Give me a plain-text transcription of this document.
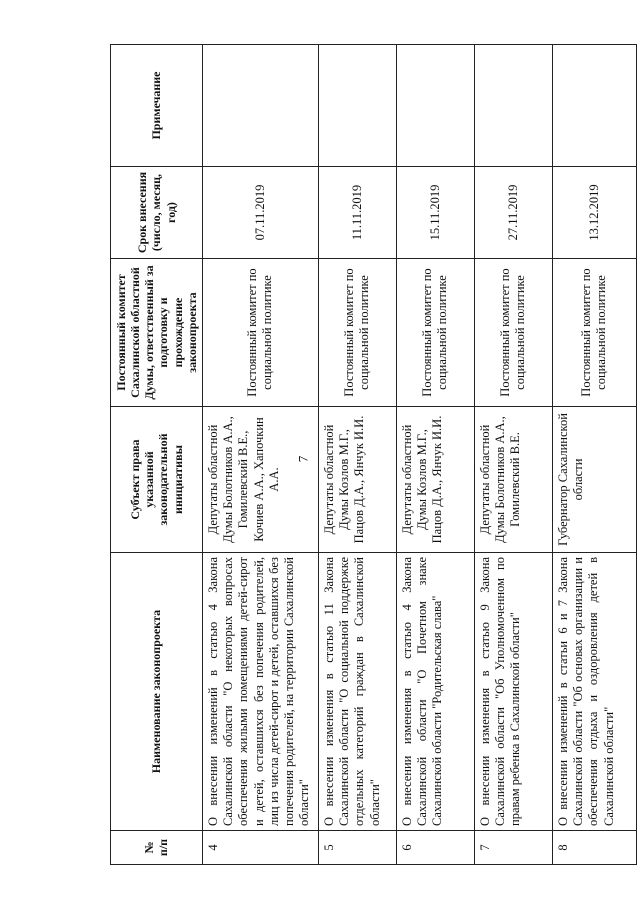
7
№ п/п	Наименование законопроекта	Субъект права указанной законодательной инициативы	Постоянный комитет Сахалинской областной Думы, ответственный за подготовку и прохождение законопроекта	Срок внесения (число, месяц, год)	Примечание
4	О внесении изменений в статью 4 Закона Сахалинской области "О некоторых вопросах обеспечения жилыми помещениями детей-сирот и детей, оставшихся без попечения родителей, лиц из числа детей-сирот и детей, оставшихся без попечения родителей, на территории Сахалинской области"	Депутаты областной Думы Болотников А.А., Гомилевский В.Е., Кочиев А.А., Хапочкин А.А.	Постоянный комитет по социальной политике	07.11.2019	
5	О внесении изменения в статью 11 Закона Сахалинской области "О социальной поддержке отдельных категорий граждан в Сахалинской области"	Депутаты областной Думы Козлов М.Г., Пацов Д.А., Янчук И.И.	Постоянный комитет по социальной политике	11.11.2019	
6	О внесении изменения в статью 4 Закона Сахалинской области "О Почетном знаке Сахалинской области "Родительская слава"	Депутаты областной Думы Козлов М.Г., Пацов Д.А., Янчук И.И.	Постоянный комитет по социальной политике	15.11.2019	
7	О внесении изменения в статью 9 Закона Сахалинской области "Об Уполномоченном по правам ребенка в Сахалинской области"	Депутаты областной Думы Болотников А.А., Гомилевский В.Е.	Постоянный комитет по социальной политике	27.11.2019	
8	О внесении изменений в статьи 6 и 7 Закона Сахалинской области "Об основах организации и обеспечения отдыха и оздоровления детей в Сахалинской области"	Губернатор Сахалинской области	Постоянный комитет по социальной политике	13.12.2019	
